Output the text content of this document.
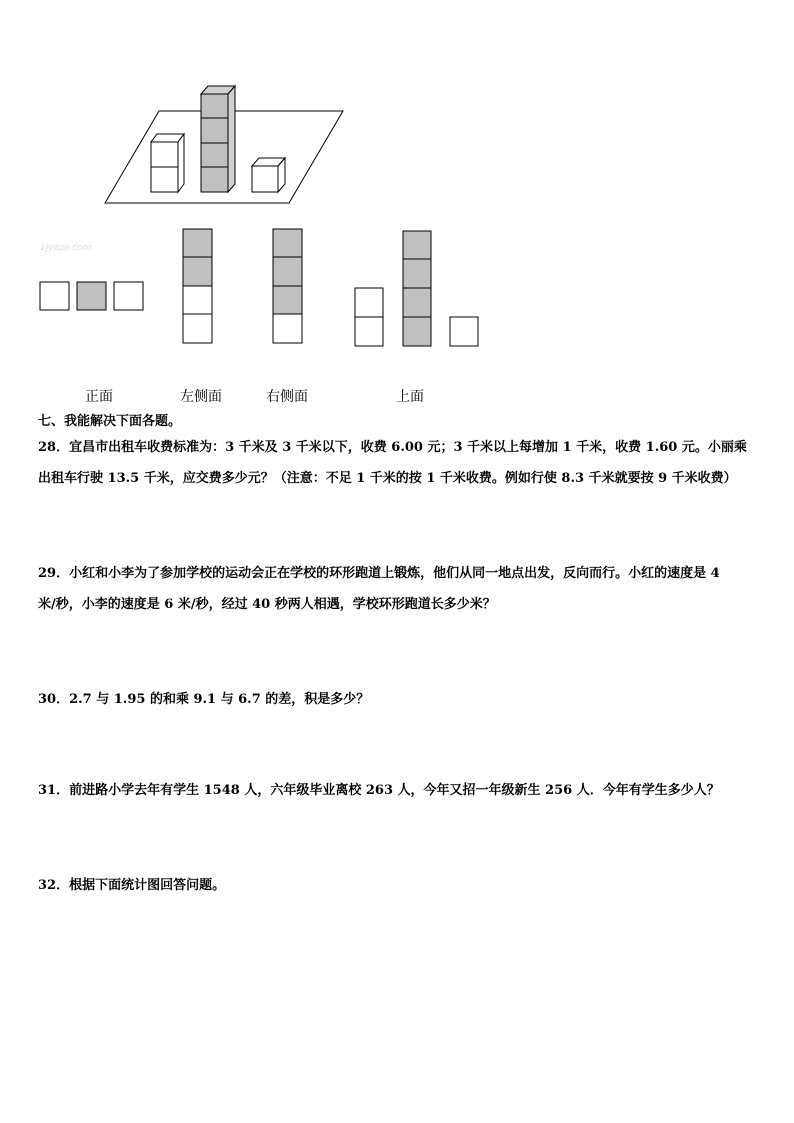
1jyzuo.com
正面	左侧面	右侧面	上面
七、我能解决下面各题。
28．宜昌市出租车收费标准为：3 千米及 3 千米以下，收费 6.00 元；3 千米以上每增加 1 千米，收费 1.60 元。小丽乘
出租车行驶 13.5 千米，应交费多少元？（注意：不足 1 千米的按 1 千米收费。例如行使 8.3 千米就要按 9 千米收费）
29．小红和小李为了参加学校的运动会正在学校的环形跑道上锻炼，他们从同一地点出发，反向而行。小红的速度是 4
米/秒，小李的速度是 6 米/秒，经过 40 秒两人相遇，学校环形跑道长多少米？
30．2.7 与 1.95 的和乘 9.1 与 6.7 的差，积是多少？
31．前进路小学去年有学生 1548 人，六年级毕业离校 263 人，今年又招一年级新生 256 人．今年有学生多少人？
32．根据下面统计图回答问题。
